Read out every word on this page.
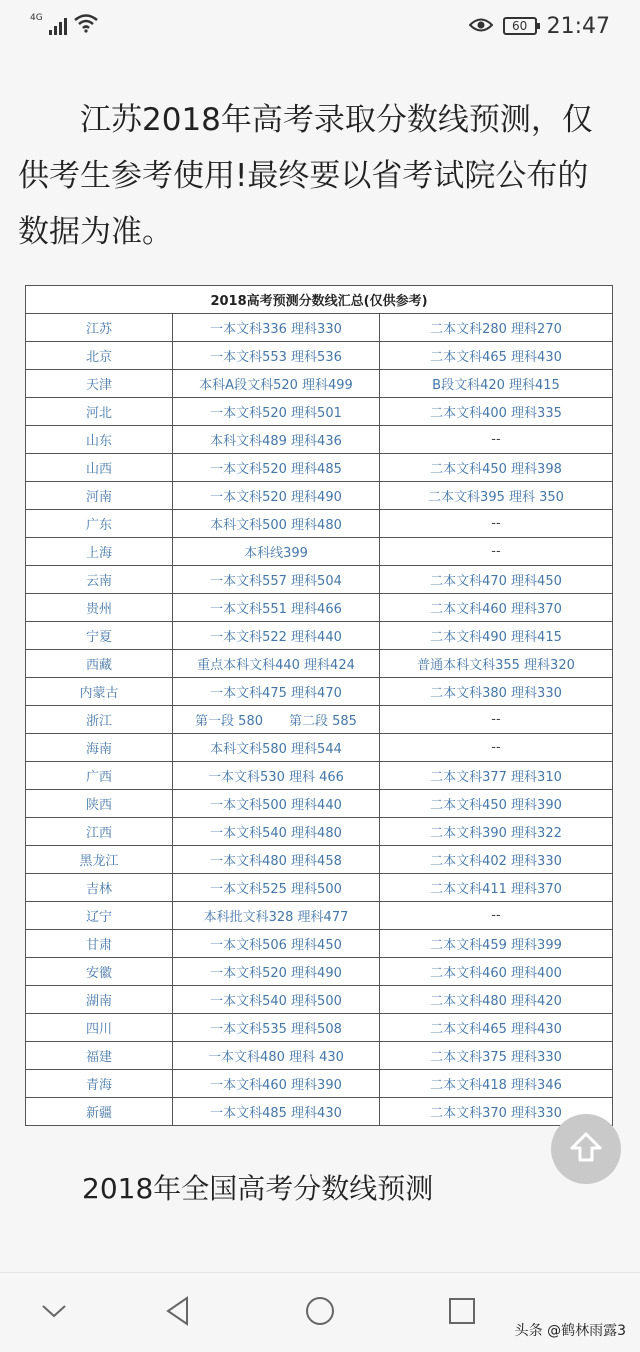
4G
60 21:47

江苏2018年高考录取分数线预测，仅供考生参考使用!最终要以省考试院公布的数据为准。

2018高考预测分数线汇总(仅供参考)		
江苏	一本文科336 理科330	二本文科280 理科270
北京	一本文科553 理科536	二本文科465 理科430
天津	本科A段文科520 理科499	B段文科420 理科415
河北	一本文科520 理科501	二本文科400 理科335
山东	本科文科489 理科436	--
山西	一本文科520 理科485	二本文科450 理科398
河南	一本文科520 理科490	二本文科395 理科 350
广东	本科文科500 理科480	--
上海	本科线399	--
云南	一本文科557 理科504	二本文科470 理科450
贵州	一本文科551 理科466	二本文科460 理科370
宁夏	一本文科522 理科440	二本文科490 理科415
西藏	重点本科文科440 理科424	普通本科文科355 理科320
内蒙古	一本文科475 理科470	二本文科380 理科330
浙江	第一段 580　　第二段 585	--
海南	本科文科580 理科544	--
广西	一本文科530 理科 466	二本文科377 理科310
陕西	一本文科500 理科440	二本文科450 理科390
江西	一本文科540 理科480	二本文科390 理科322
黑龙江	一本文科480 理科458	二本文科402 理科330
吉林	一本文科525 理科500	二本文科411 理科370
辽宁	本科批文科328 理科477	--
甘肃	一本文科506 理科450	二本文科459 理科399
安徽	一本文科520 理科490	二本文科460 理科400
湖南	一本文科540 理科500	二本文科480 理科420
四川	一本文科535 理科508	二本文科465 理科430
福建	一本文科480 理科 430	二本文科375 理科330
青海	一本文科460 理科390	二本文科418 理科346
新疆	一本文科485 理科430	二本文科370 理科330

2018年全国高考分数线预测

头条 @鹤林雨露3
